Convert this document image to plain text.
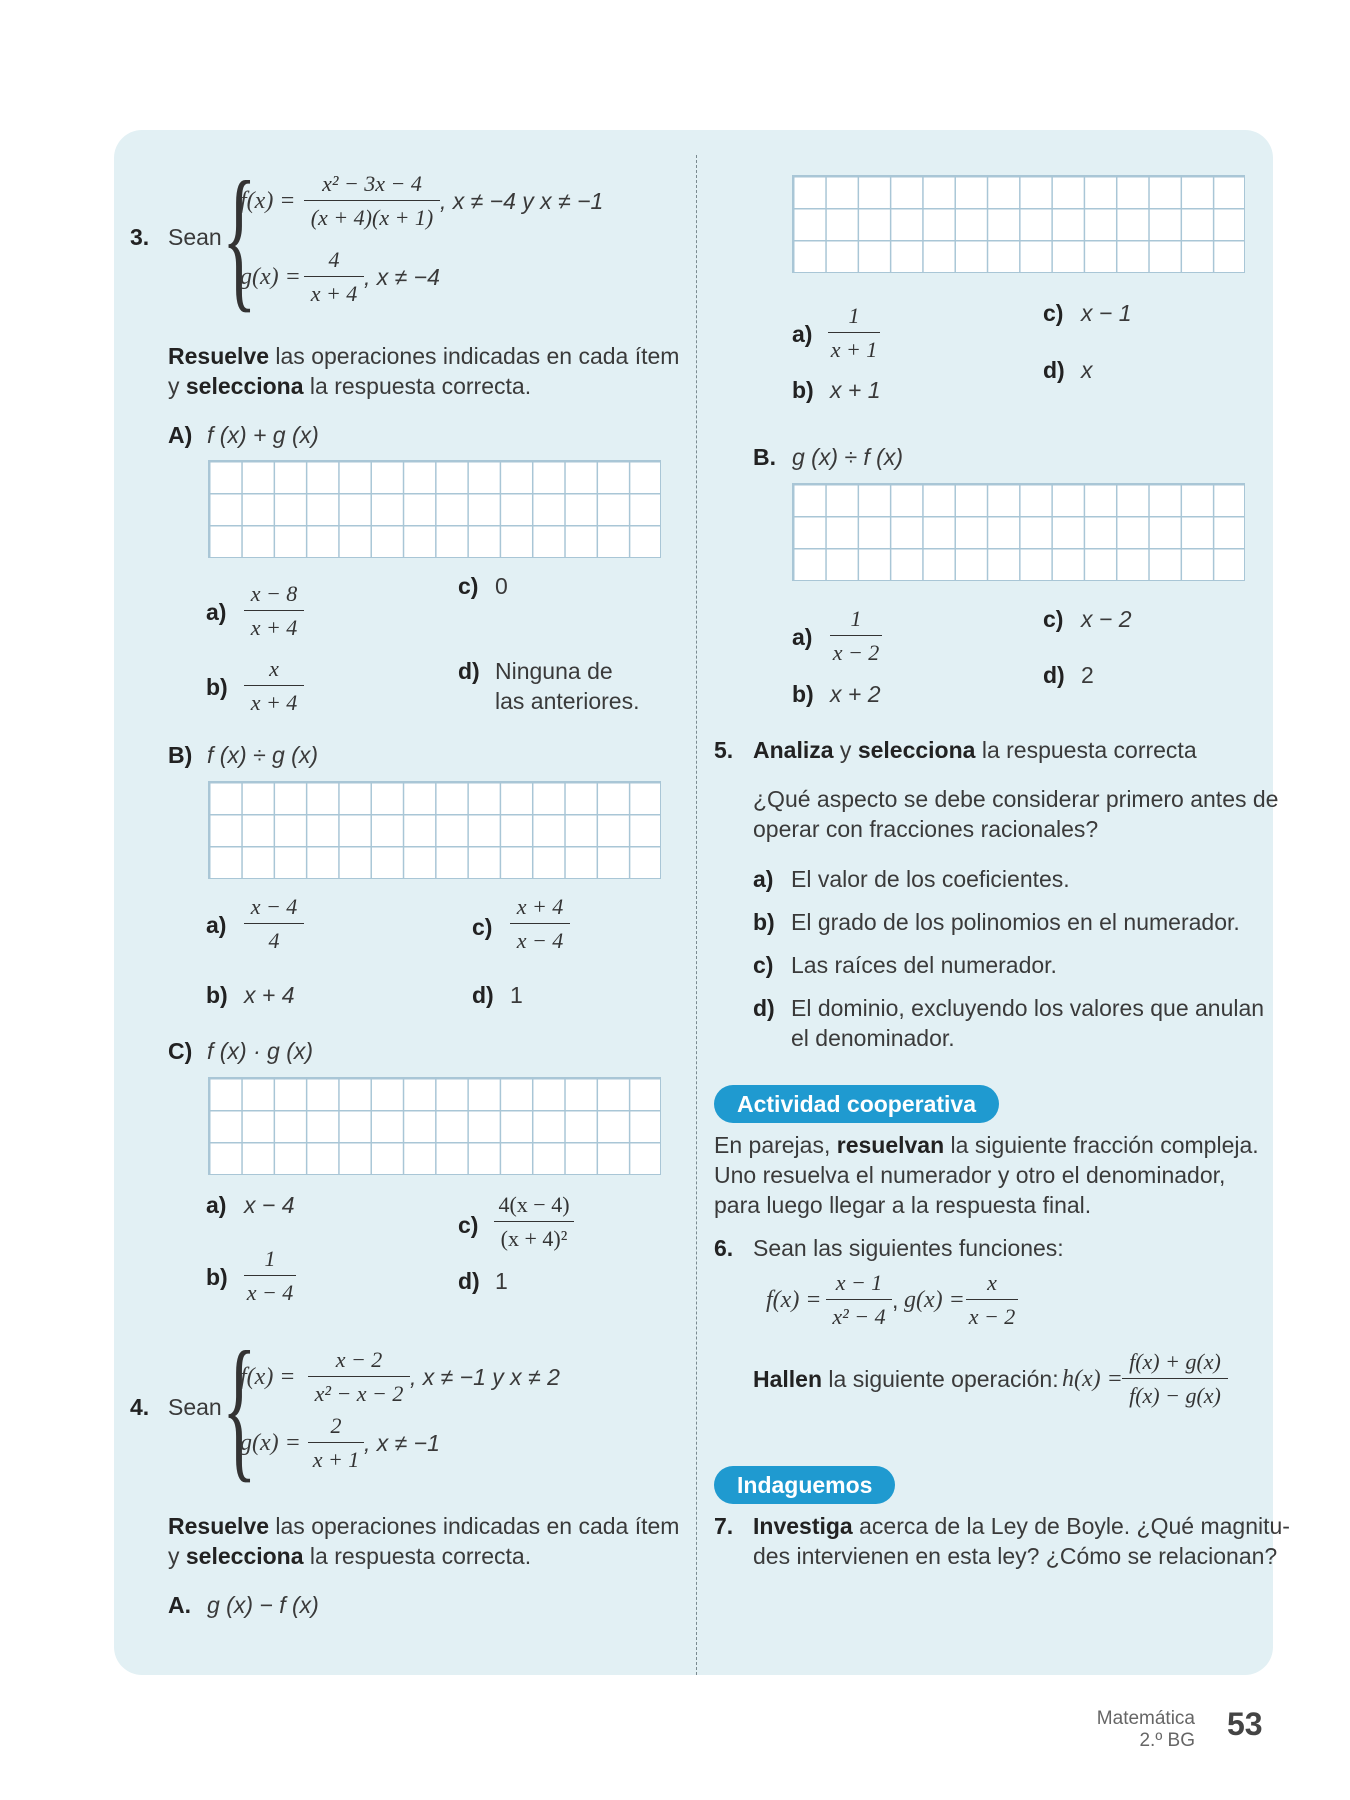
3. Sean {
$f(x) = \frac{\text{x² − 3x − 4}}{(x + 4)(x + 1)}$ , x ≠ −4 y x ≠ −1
$g(x) = \frac{4}{x + 4}$ , x ≠ −4
Resuelve las operaciones indicadas en cada ítem
y selecciona la respuesta correcta.
A) f (x) + g (x)
$a) \frac{x - 8}{x + 4}$
$b) \frac{x}{x + 4}$
c) 0
d) Ninguna de
las anteriores.
B) f (x) ÷ g (x)
$a) \frac{x - 4}{4}$
b) x + 4
$c) \frac{x + 4}{x - 4}$
d) 1
C) f (x) · g (x)
a) x − 4
$b) \frac{1}{x - 4}$
$c) \frac{4(x - 4)}{\text{(x + 4)²}}$
d) 1
4. Sean {
$f(x) = \frac{x - 2}{\text{x² − x − 2}}$ , x ≠ −1 y x ≠ 2
$g(x) = \frac{2}{x + 1}$ , x ≠ −1
Resuelve las operaciones indicadas en cada ítem
y selecciona la respuesta correcta.
A. g (x) − f (x)
$a) \frac{1}{x + 1}$
b) x + 1
c) x − 1
d) x
B. g (x) ÷ f (x)
$a) \frac{1}{x - 2}$
b) x + 2
c) x − 2
d) 2
5. Analiza y selecciona la respuesta correcta
¿Qué aspecto se debe considerar primero antes de
operar con fracciones racionales?
a) El valor de los coeficientes.
b) El grado de los polinomios en el numerador.
c) Las raíces del numerador.
d) El dominio, excluyendo los valores que anulan
el denominador.
Actividad cooperativa
En parejas, resuelvan la siguiente fracción compleja.
Uno resuelva el numerador y otro el denominador,
para luego llegar a la respuesta final.
6. Sean las siguientes funciones:
$f(x) = \frac{x - 1}{\text{x² − 4}}$ , $g(x) = \frac{x}{x - 2}$
Hallen la siguiente operación: $h(x) = \frac{f(x) + g(x)}{f(x) - g(x)}$
Indaguemos
7. Investiga acerca de la Ley de Boyle. ¿Qué magnitu-
des intervienen en esta ley? ¿Cómo se relacionan?
Matemática
2.º BG 53
